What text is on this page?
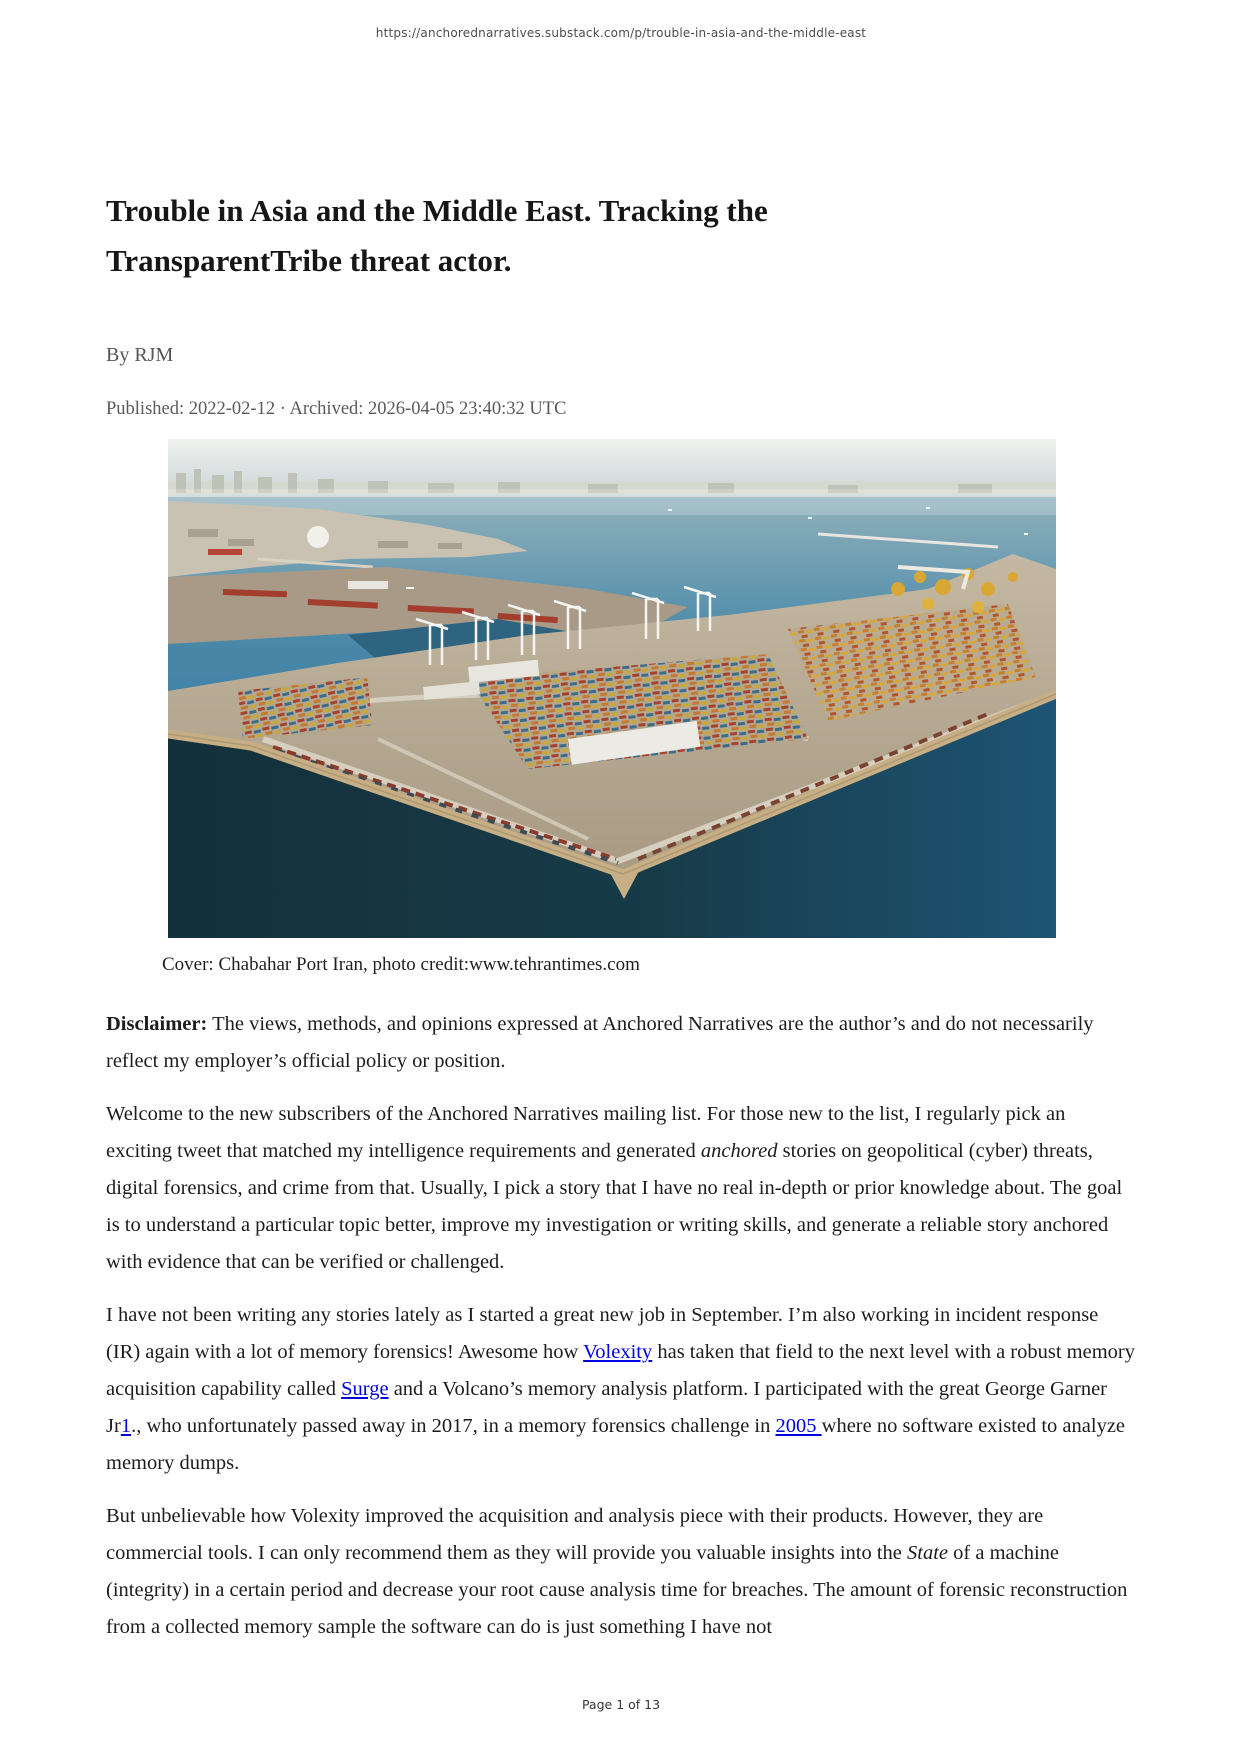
https://anchorednarratives.substack.com/p/trouble-in-asia-and-the-middle-east
Trouble in Asia and the Middle East. Tracking the
TransparentTribe threat actor.
By RJM
Published: 2022-02-12 · Archived: 2026-04-05 23:40:32 UTC
Cover: Chabahar Port Iran, photo credit:www.tehrantimes.com

Disclaimer: The views, methods, and opinions expressed at Anchored Narratives are the author’s and do not necessarily reflect my employer’s official policy or position.

Welcome to the new subscribers of the Anchored Narratives mailing list. For those new to the list, I regularly pick an exciting tweet that matched my intelligence requirements and generated anchored stories on geopolitical (cyber) threats, digital forensics, and crime from that. Usually, I pick a story that I have no real in-depth or prior knowledge about. The goal is to understand a particular topic better, improve my investigation or writing skills, and generate a reliable story anchored with evidence that can be verified or challenged.

I have not been writing any stories lately as I started a great new job in September. I’m also working in incident response (IR) again with a lot of memory forensics! Awesome how Volexity has taken that field to the next level with a robust memory acquisition capability called Surge and a Volcano’s memory analysis platform. I participated with the great George Garner Jr1., who unfortunately passed away in 2017, in a memory forensics challenge in 2005 where no software existed to analyze memory dumps.

But unbelievable how Volexity improved the acquisition and analysis piece with their products. However, they are commercial tools. I can only recommend them as they will provide you valuable insights into the State of a machine (integrity) in a certain period and decrease your root cause analysis time for breaches. The amount of forensic reconstruction from a collected memory sample the software can do is just something I have not

Page 1 of 13
